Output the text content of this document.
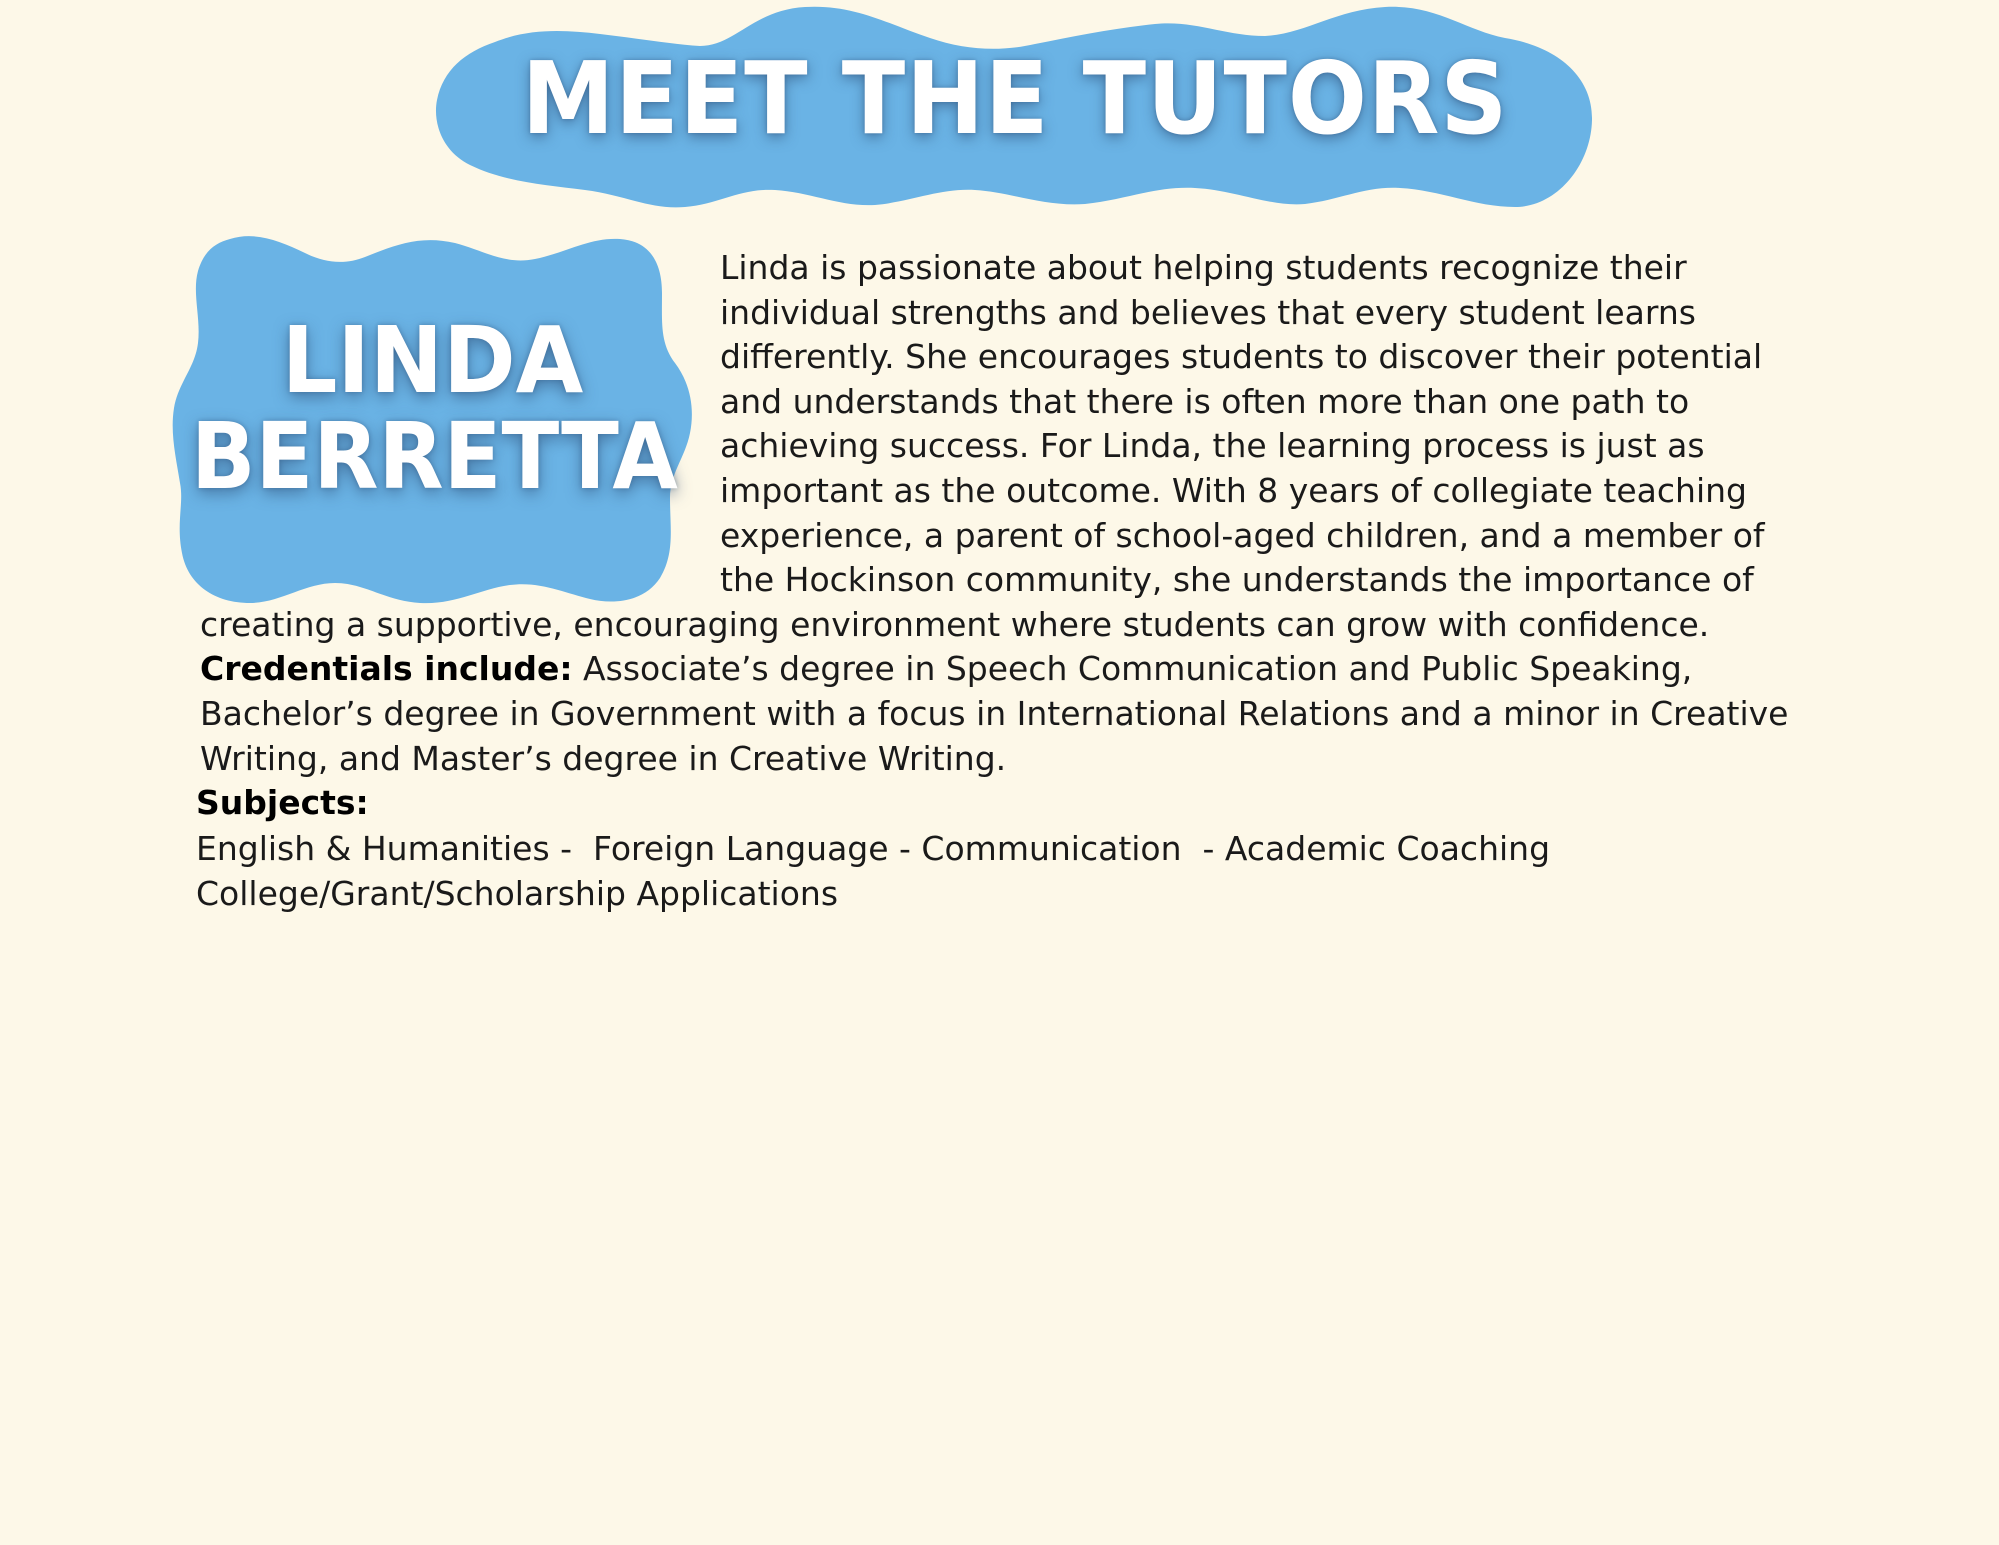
MEET THE TUTORS
LINDA
BERRETTA

Linda is passionate about helping students recognize their individual strengths and believes that every student learns differently. She encourages students to discover their potential and understands that there is often more than one path to achieving success. For Linda, the learning process is just as important as the outcome. With 8 years of collegiate teaching experience, a parent of school-aged children, and a member of the Hockinson community, she understands the importance of creating a supportive, encouraging environment where students can grow with confidence. Credentials include: Associate’s degree in Speech Communication and Public Speaking, Bachelor’s degree in Government with a focus in International Relations and a minor in Creative Writing, and Master’s degree in Creative Writing.

Subjects:

English & Humanities -  Foreign Language - Communication  - Academic Coaching
College/Grant/Scholarship Applications
